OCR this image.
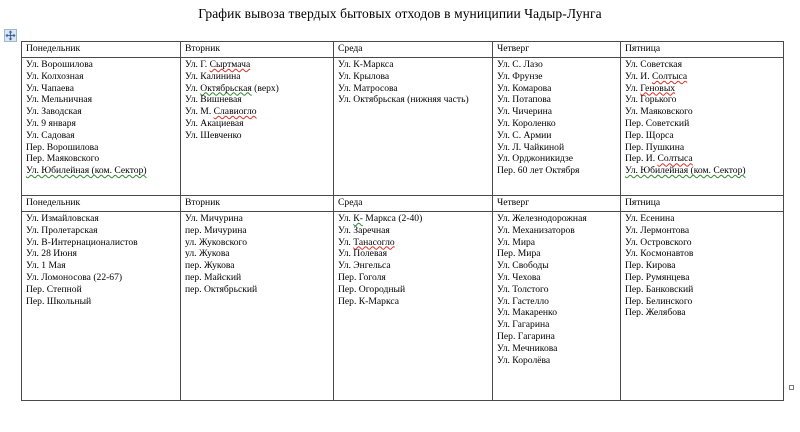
График вывоза твердых бытовых отходов в муниципии Чадыр-Лунга
Понедельник	Вторник	Среда	Четверг	Пятница

Ул. Ворошилова
Ул. Колхозная
Ул. Чапаева
Ул. Мельничная
Ул. Заводская
Ул. 9 января
Ул. Садовая
Пер. Ворошилова
Пер. Маяковского
Ул. Юбилейная (ком. Сектор)

Ул. Г. Сыртмача
Ул. Калинина
Ул. Октябрьская (верх)
Ул. Вишневая
Ул. М. Славиогло
Ул. Акациевая
Ул. Шевченко

Ул. К-Маркса
Ул. Крылова
Ул. Матросова
Ул. Октябрьская (нижняя часть)

Ул. С. Лазо
Ул. Фрунзе
Ул. Комарова
Ул. Потапова
Ул. Чичерина
Ул. Короленко
Ул. С. Армии
Ул. Л. Чайкиной
Ул. Орджоникидзе
Пер. 60 лет Октября

Ул. Советская
Ул. И. Солтыса
Ул. Геновых
Ул. Горького
Ул. Маяковского
Пер. Советский
Пер. Щорса
Пер. Пушкина
Пер. И. Солтыса
Ул. Юбилейная (ком. Сектор)

Понедельник	Вторник	Среда	Четверг	Пятница

Ул. Измайловская
Ул. Пролетарская
Ул. В-Интернационалистов
Ул. 28 Июня
Ул. 1 Мая
Ул. Ломоносова (22-67)
Пер. Степной
Пер. Школьный

Ул. Мичурина
пер. Мичурина
ул. Жуковского
ул. Жукова
пер. Жукова
пер. Майский
пер. Октябрьский

Ул. К- Маркса (2-40)
Ул. Заречная
Ул. Танасогло
Ул. Полевая
Ул. Энгельса
Пер. Гоголя
Пер. Огородный
Пер. К-Маркса

Ул. Железнодорожная
Ул. Механизаторов
Ул. Мира
Пер. Мира
Ул. Свободы
Ул. Чехова
Ул. Толстого
Ул. Гастелло
Ул. Макаренко
Ул. Гагарина
Пер. Гагарина
Ул. Мечникова
Ул. Королёва

Ул. Есенина
Ул. Лермонтова
Ул. Островского
Ул. Космонавтов
Пер. Кирова
Пер. Румянцева
Пер. Банковский
Пер. Белинского
Пер. Желябова
